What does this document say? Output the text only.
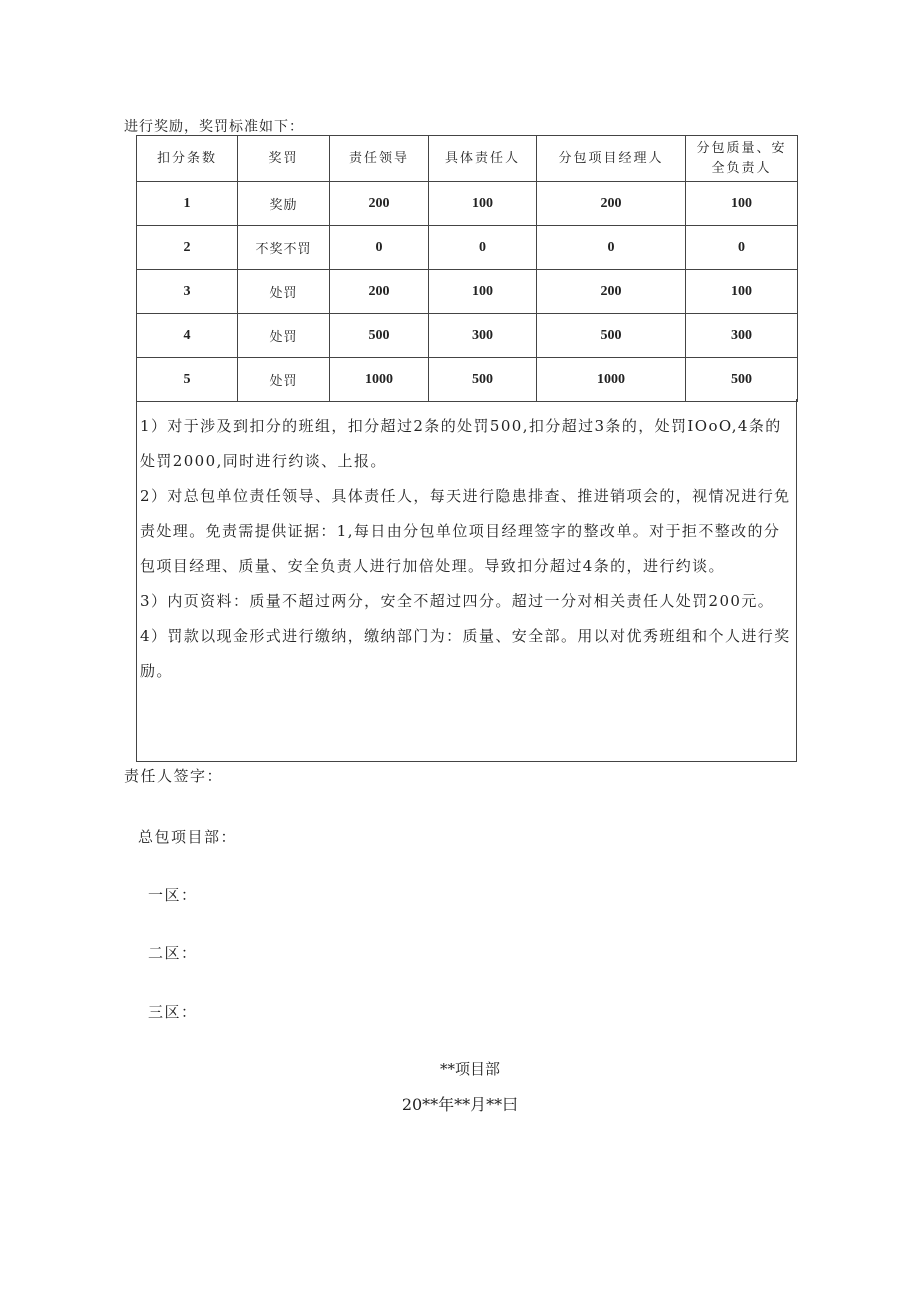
进行奖励，奖罚标准如下：
扣分条数	奖罚	责任领导	具体责任人	分包项目经理人	分包质量、安全负责人
1	奖励	200	100	200	100
2	不奖不罚	0	0	0	0
3	处罚	200	100	200	100
4	处罚	500	300	500	300
5	处罚	1000	500	1000	500

1）对于涉及到扣分的班组，扣分超过2条的处罚500,扣分超过3条的，处罚IOoO,4条的处罚2000,同时进行约谈、上报。

2）对总包单位责任领导、具体责任人，每天进行隐患排查、推进销项会的，视情况进行免责处理。免责需提供证据：1,每日由分包单位项目经理签字的整改单。对于拒不整改的分包项目经理、质量、安全负责人进行加倍处理。导致扣分超过4条的，进行约谈。

3）内页资料：质量不超过两分，安全不超过四分。超过一分对相关责任人处罚200元。

4）罚款以现金形式进行缴纳，缴纳部门为：质量、安全部。用以对优秀班组和个人进行奖励。

责任人签字：
总包项目部：
一区：
二区：
三区：
**项目部
20**年**月**曰
